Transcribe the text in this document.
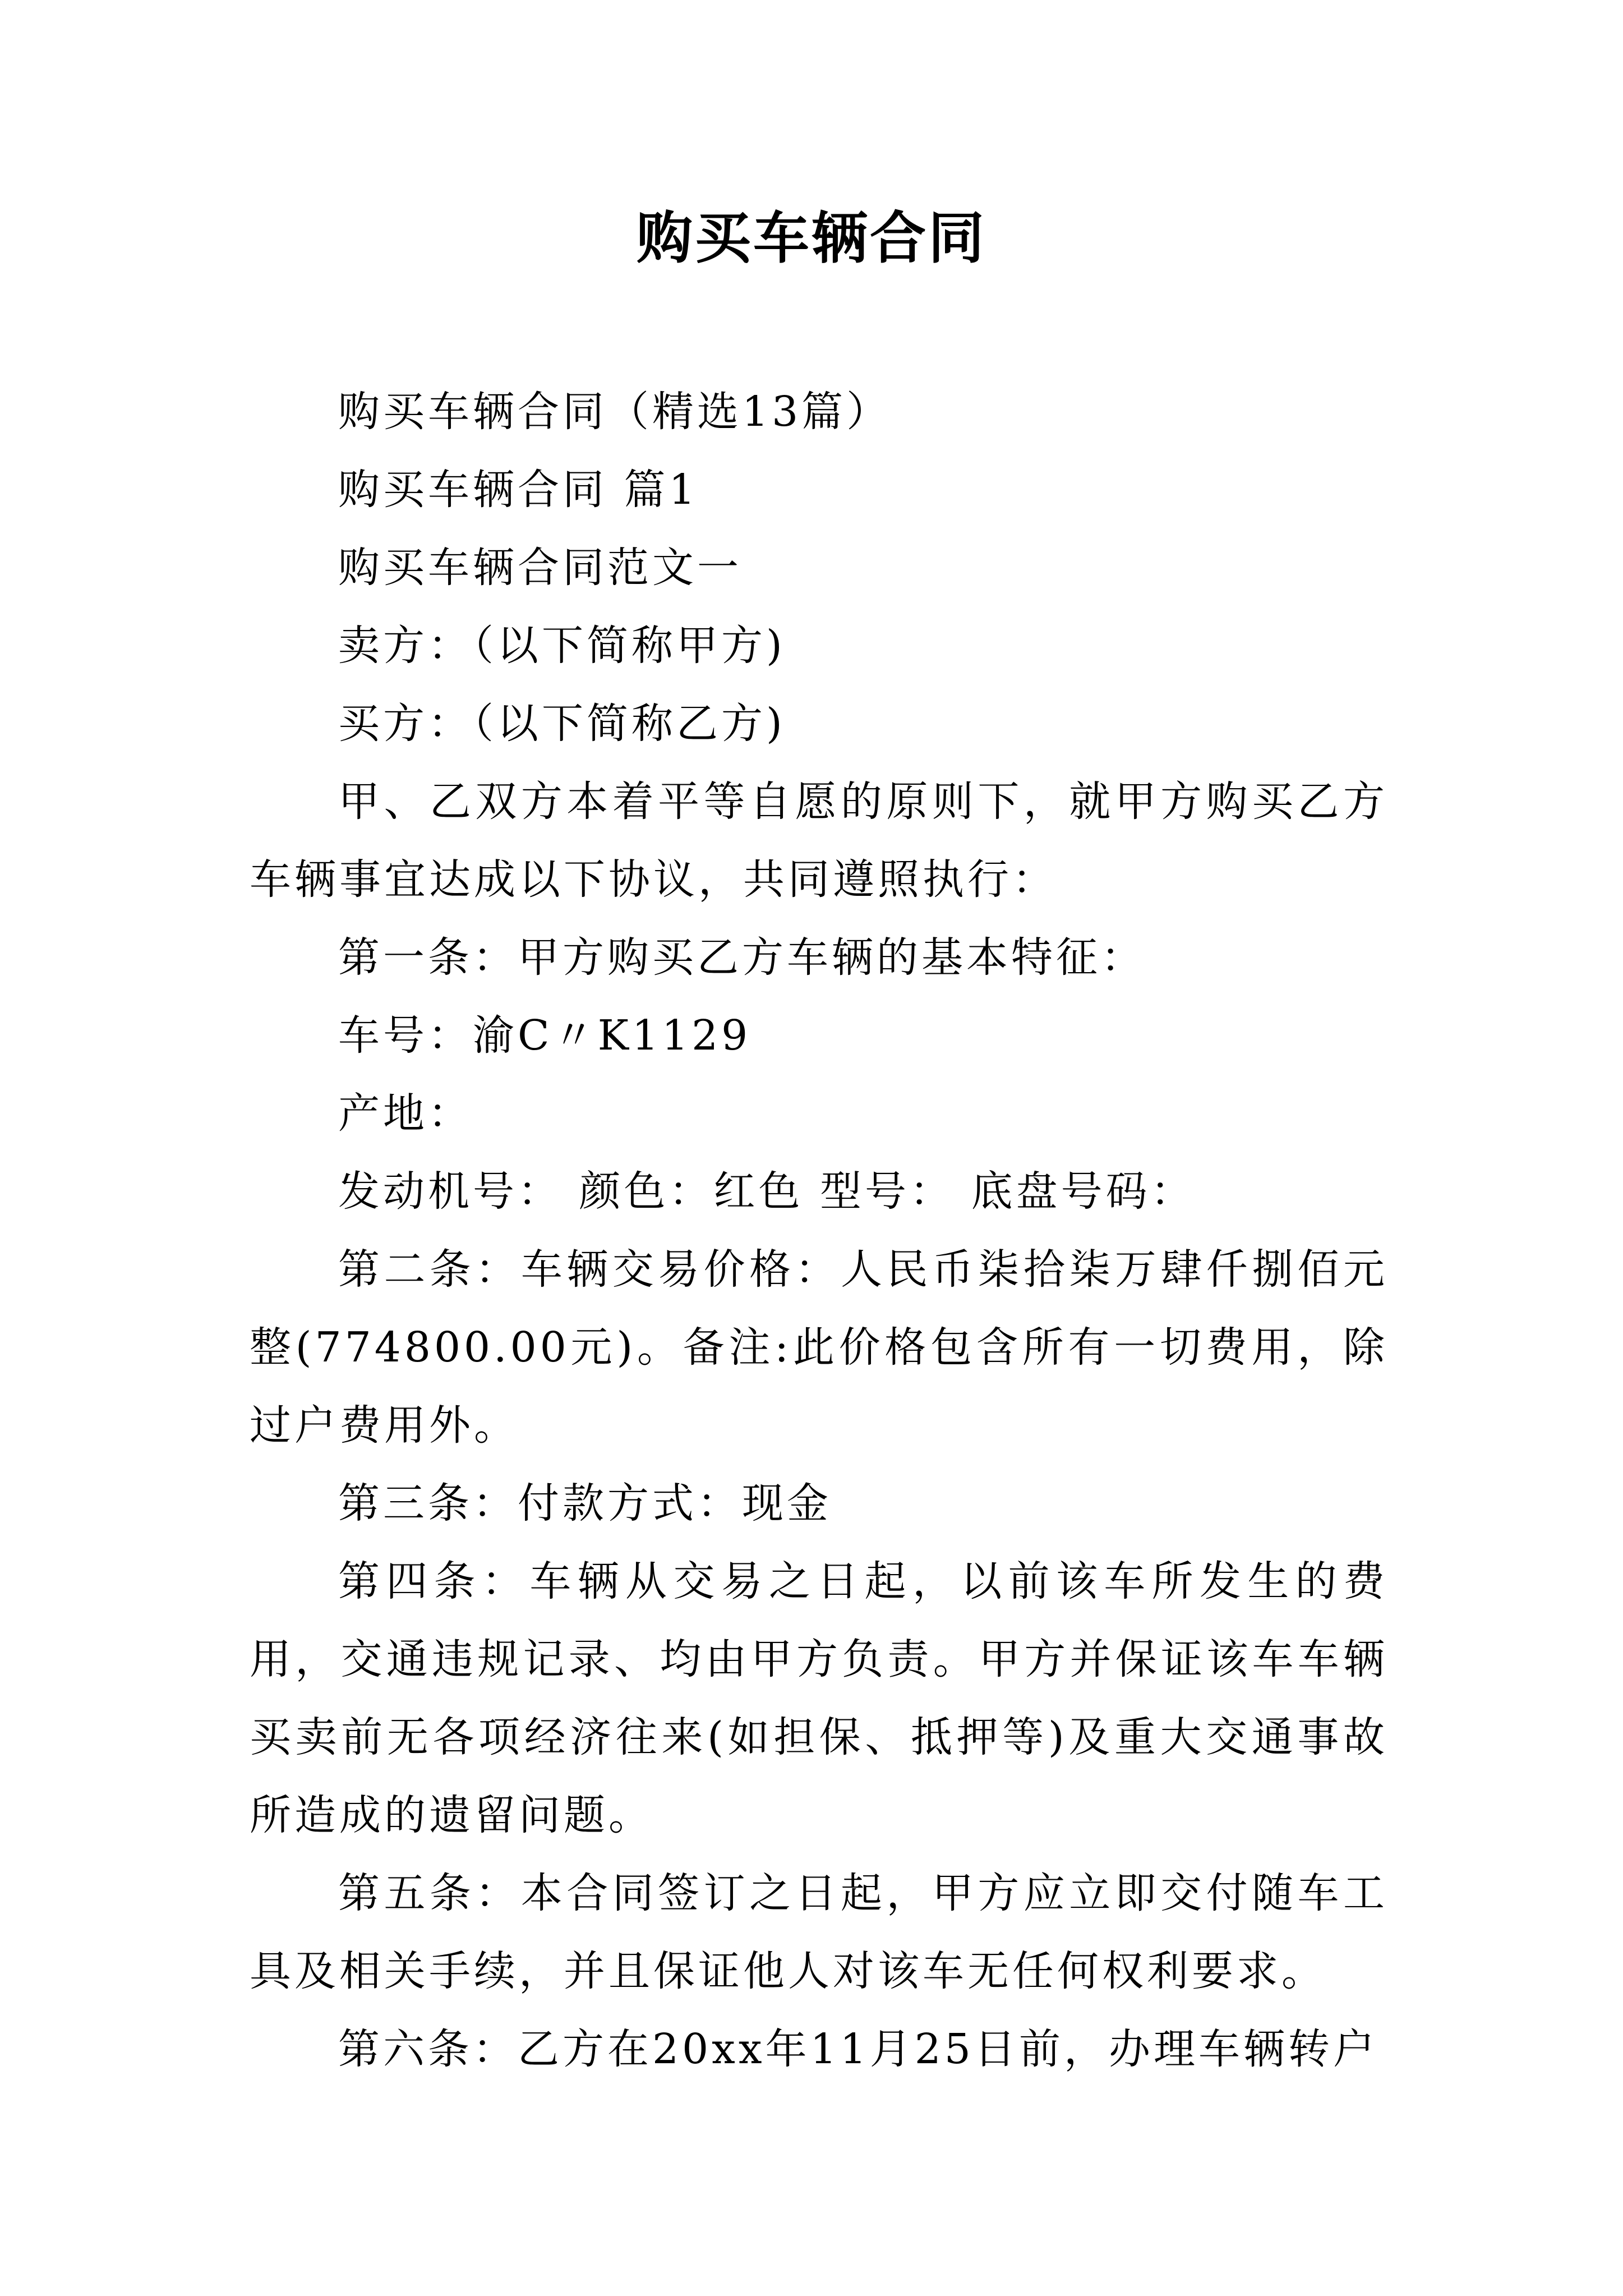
购买车辆合同

购买车辆合同（精选13篇）

购买车辆合同 篇1

购买车辆合同范文一

卖方：（以下简称甲方)

买方：（以下简称乙方)

甲、乙双方本着平等自愿的原则下，就甲方购买乙方车辆事宜达成以下协议，共同遵照执行：

第一条：甲方购买乙方车辆的基本特征：

车号：渝C〃K1129

产地：

发动机号： 颜色：红色 型号： 底盘号码：

第二条：车辆交易价格：人民币柒拾柒万肆仟捌佰元整(774800.00元)。备注:此价格包含所有一切费用，除过户费用外。

第三条：付款方式：现金

第四条：车辆从交易之日起，以前该车所发生的费用，交通违规记录、均由甲方负责。甲方并保证该车车辆买卖前无各项经济往来(如担保、抵押等)及重大交通事故所造成的遗留问题。

第五条：本合同签订之日起，甲方应立即交付随车工具及相关手续，并且保证他人对该车无任何权利要求。

第六条：乙方在20xx年11月25日前，办理车辆转户
